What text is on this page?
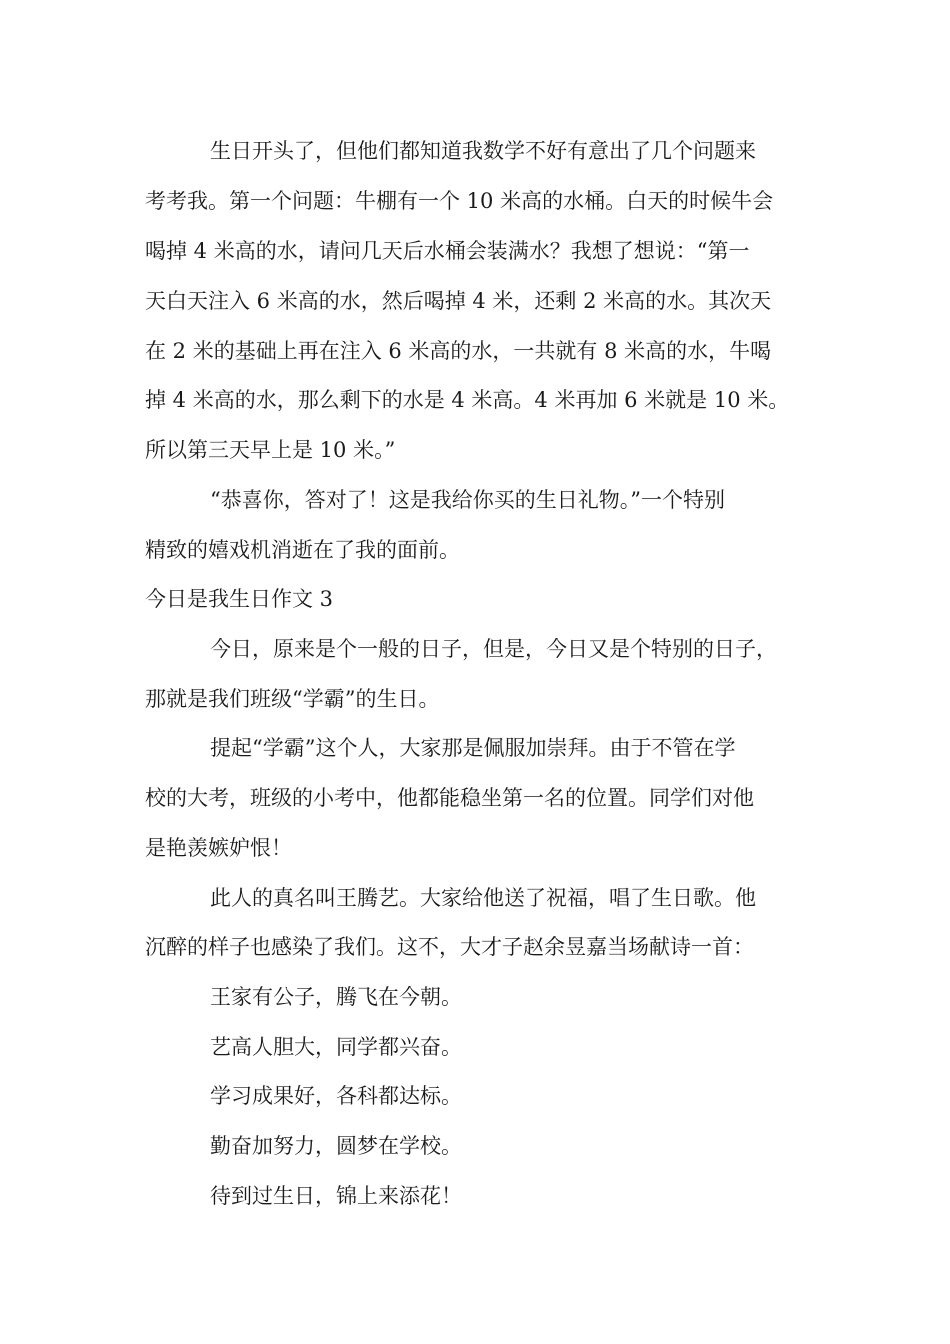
生日开头了，但他们都知道我数学不好有意出了几个问题来
考考我。第一个问题：牛棚有一个 10 米高的水桶。白天的时候牛会
喝掉 4 米高的水，请问几天后水桶会装满水？我想了想说：“第一
天白天注入 6 米高的水，然后喝掉 4 米，还剩 2 米高的水。其次天
在 2 米的基础上再在注入 6 米高的水，一共就有 8 米高的水，牛喝
掉 4 米高的水，那么剩下的水是 4 米高。4 米再加 6 米就是 10 米。
所以第三天早上是 10 米。”
“恭喜你，答对了！这是我给你买的生日礼物。”一个特别
精致的嬉戏机消逝在了我的面前。
今日是我生日作文 3
今日，原来是个一般的日子，但是，今日又是个特别的日子，
那就是我们班级“学霸”的生日。
提起“学霸”这个人，大家那是佩服加崇拜。由于不管在学
校的大考，班级的小考中，他都能稳坐第一名的位置。同学们对他
是艳羡嫉妒恨！
此人的真名叫王腾艺。大家给他送了祝福，唱了生日歌。他
沉醉的样子也感染了我们。这不，大才子赵余昱嘉当场献诗一首：
王家有公子，腾飞在今朝。
艺高人胆大，同学都兴奋。
学习成果好，各科都达标。
勤奋加努力，圆梦在学校。
待到过生日，锦上来添花！
